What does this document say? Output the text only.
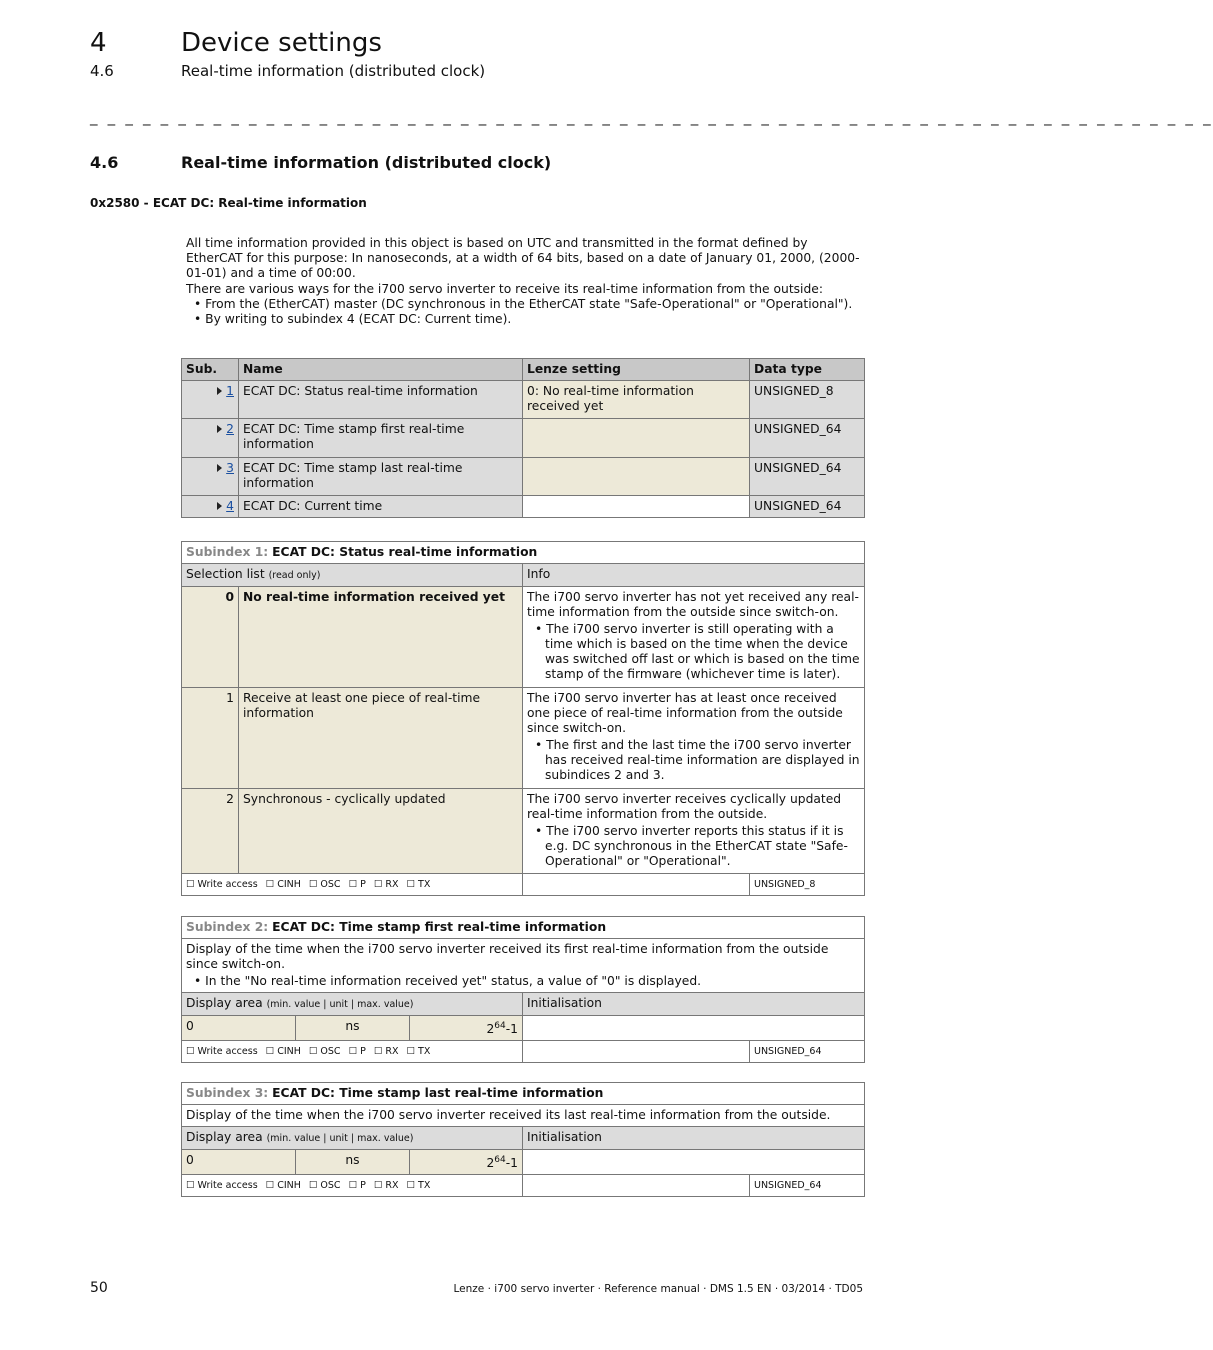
4	Device settings
4.6	Real-time information (distributed clock)
_ _ _ _ _ _ _ _ _ _ _ _ _ _ _ _ _ _ _ _ _ _ _ _ _ _ _ _ _ _ _ _ _ _ _ _ _ _ _ _ _ _ _ _ _ _ _ _ _ _ _ _ _ _ _ _ _ _ _ _ _ _ _ _
4.6	Real-time information (distributed clock)
0x2580 - ECAT DC: Real-time information

All time information provided in this object is based on UTC and transmitted in the format defined by EtherCAT for this purpose: In nanoseconds, at a width of 64 bits, based on a date of January 01, 2000, (2000-01-01) and a time of 00:00.

There are various ways for the i700 servo inverter to receive its real-time information from the outside:

• From the (EtherCAT) master (DC synchronous in the EtherCAT state "Safe-Operational" or "Operational").

• By writing to subindex 4 (ECAT DC: Current time).

Sub.	Name	Lenze setting	Data type
1	ECAT DC: Status real-time information	0: No real-time information received yet	UNSIGNED_8
2	ECAT DC: Time stamp first real-time information		UNSIGNED_64
3	ECAT DC: Time stamp last real-time information		UNSIGNED_64
4	ECAT DC: Current time		UNSIGNED_64
Subindex 1: ECAT DC: Status real-time information			
Selection list (read only)		Info	
0	No real-time information received yet	The i700 servo inverter has not yet received any real-time information from the outside since switch-on.

• The i700 servo inverter is still operating with a time which is based on the time when the device was switched off last or which is based on the time stamp of the firmware (whichever time is later).	

1	Receive at least one piece of real-time information	The i700 servo inverter has at least once received one piece of real-time information from the outside since switch-on.

• The first and the last time the i700 servo inverter has received real-time information are displayed in subindices 2 and 3.	

2	Synchronous - cyclically updated	The i700 servo inverter receives cyclically updated real-time information from the outside.

• The i700 servo inverter reports this status if it is e.g. DC synchronous in the EtherCAT state "Safe-Operational" or "Operational".	

☐ Write access ☐ CINH ☐ OSC ☐ P ☐ RX ☐ TX			UNSIGNED_8
Subindex 2: ECAT DC: Time stamp first real-time information				

Display of the time when the i700 servo inverter received its first real-time information from the outside since switch-on.

• In the "No real-time information received yet" status, a value of "0" is displayed.				

Display area (min. value | unit | max. value)			Initialisation	
0	ns	$2^{64}-1$		
☐ Write access ☐ CINH ☐ OSC ☐ P ☐ RX ☐ TX				UNSIGNED_64
Subindex 3: ECAT DC: Time stamp last real-time information				
Display of the time when the i700 servo inverter received its last real-time information from the outside.				
Display area (min. value | unit | max. value)			Initialisation	
0	ns	$2^{64}-1$		
☐ Write access ☐ CINH ☐ OSC ☐ P ☐ RX ☐ TX				UNSIGNED_64
50	Lenze · i700 servo inverter · Reference manual · DMS 1.5 EN · 03/2014 · TD05
